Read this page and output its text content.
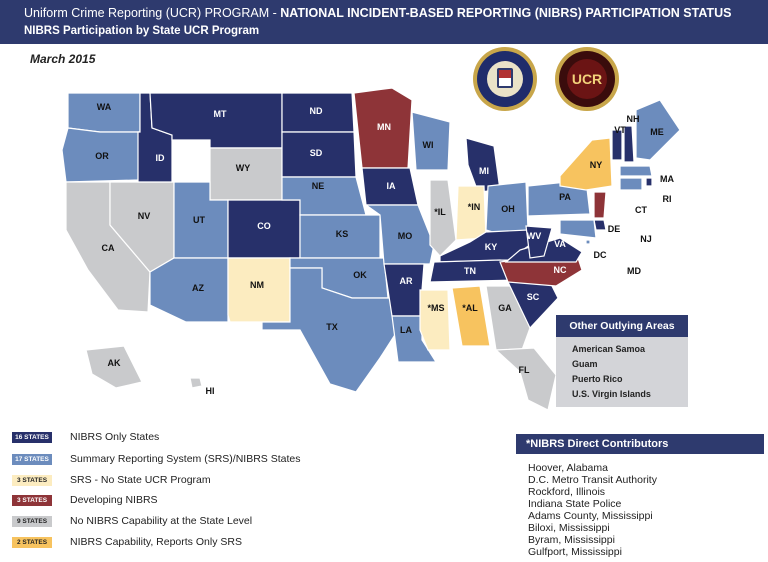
Uniform Crime Reporting (UCR) PROGRAM - NATIONAL INCIDENT-BASED REPORTING (NIBRS) PARTICIPATION STATUS
NIBRS Participation by State UCR Program
March 2015
WA
OR
CA
NV
ID
MT
WY
UT
AZ
CO
NM
ND
SD
NE
KS
OK
TX
MN
IA
MO
AR
LA
WI
*IL
MI
*IN OH
KY
TN
*MS *AL GA
FL
SC
NC
VA
WV
PA
NY
VT
NH
ME
MA
RI
CT
NJ
DE
MD
DC
AK
HI
UCR
Other Outlying Areas
American Samoa
Guam
Puerto Rico
U.S. Virgin Islands
16 STATES NIBRS Only States
17 STATES Summary Reporting System (SRS)/NIBRS States
3 STATES	SRS - No State UCR Program
3 STATES	Developing NIBRS
9 STATES	No NIBRS Capability at the State Level
2 STATES	NIBRS Capability, Reports Only SRS
*NIBRS Direct Contributors
Hoover, Alabama
D.C. Metro Transit Authority
Rockford, Illinois
Indiana State Police
Adams County, Mississippi
Biloxi, Mississippi
Byram, Mississippi
Gulfport, Mississippi
